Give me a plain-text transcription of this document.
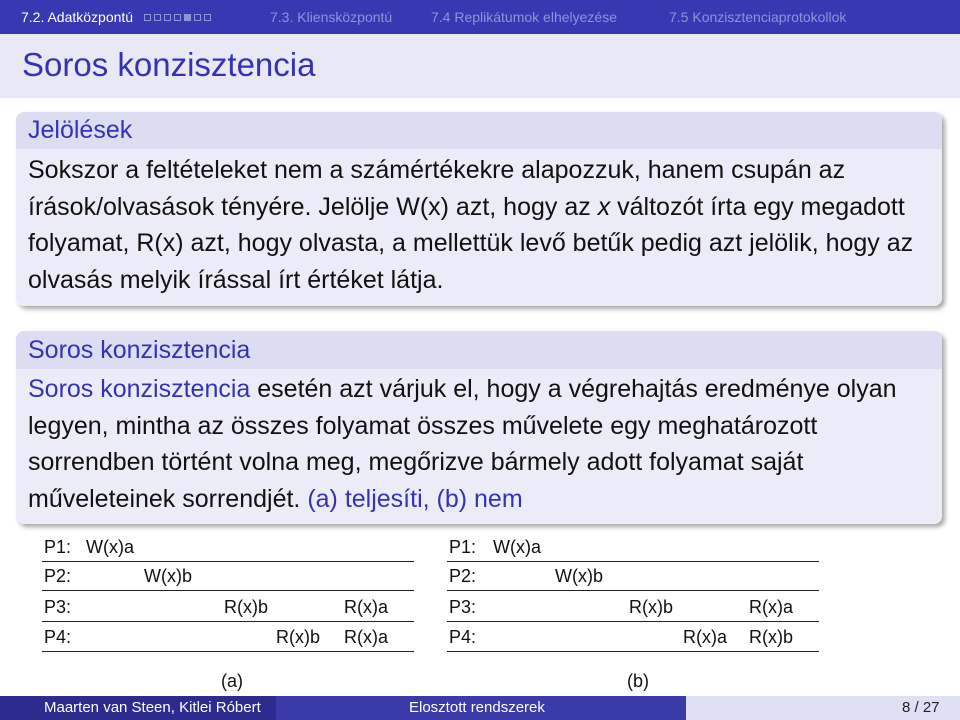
7.2. Adatközpontú	7.3. Kliensközpontú	7.4 Replikátumok elhelyezése	7.5 Konzisztenciaprotokollok
Soros konzisztencia
Jelölések
Sokszor a feltételeket nem a számértékekre alapozzuk, hanem csupán az írások/olvasások tényére. Jelölje W(x) azt, hogy az x változót írta egy megadott folyamat, R(x) azt, hogy olvasta, a mellettük levő betűk pedig azt jelölik, hogy az olvasás melyik írással írt értéket látja.
Soros konzisztencia
Soros konzisztencia esetén azt várjuk el, hogy a végrehajtás eredménye olyan legyen, mintha az összes folyamat összes művelete egy meghatározott sorrendben történt volna meg, megőrizve bármely adott folyamat saját műveleteinek sorrendjét. (a) teljesíti, (b) nem
P1: W(x)a
P2:	W(x)b
P3:	R(x)b	R(x)a
P4:	R(x)b R(x)a
(a)
P1: W(x)a
P2:	W(x)b
P3:	R(x)b	R(x)a
P4:	R(x)a R(x)b
(b)
Maarten van Steen, Kitlei Róbert	Elosztott rendszerek	8 / 27
